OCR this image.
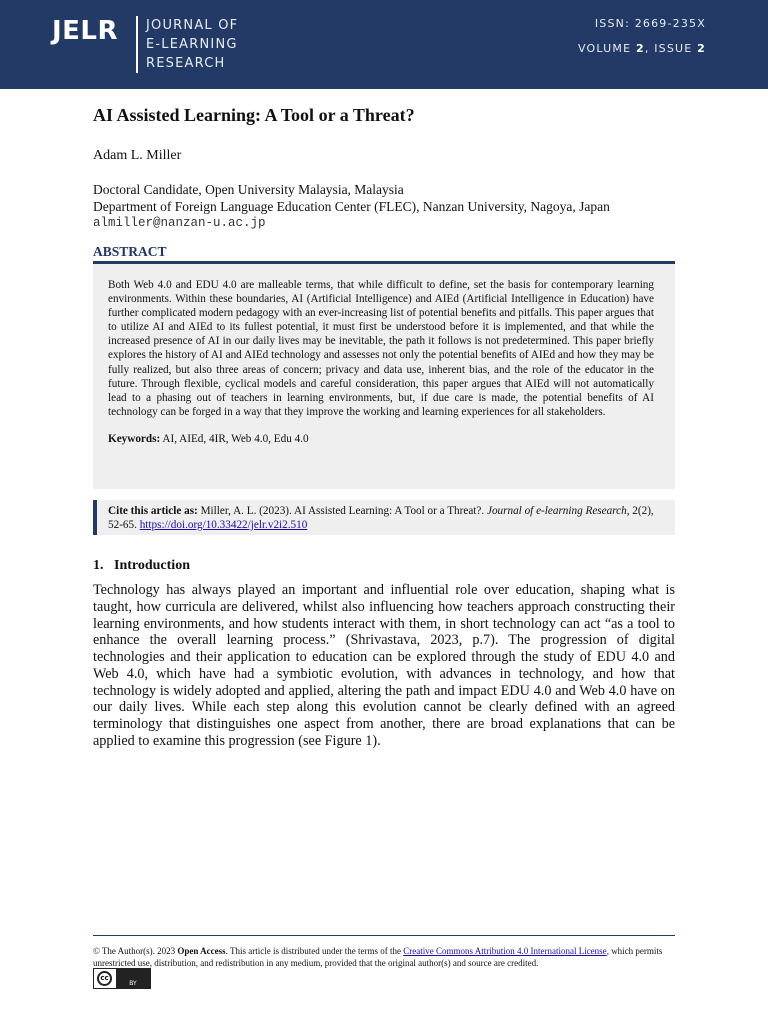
JELR JOURNAL OF
E-LEARNING
RESEARCH
ISSN: 2669-235X
VOLUME 2, ISSUE 2
AI Assisted Learning: A Tool or a Threat?
Adam L. Miller
Doctoral Candidate, Open University Malaysia, Malaysia
Department of Foreign Language Education Center (FLEC), Nanzan University, Nagoya, Japan
almiller@nanzan-u.ac.jp
ABSTRACT

Both Web 4.0 and EDU 4.0 are malleable terms, that while difficult to define, set the basis for contemporary learning environments. Within these boundaries, AI (Artificial Intelligence) and AIEd (Artificial Intelligence in Education) have further complicated modern pedagogy with an ever-increasing list of potential benefits and pitfalls. This paper argues that to utilize AI and AIEd to its fullest potential, it must first be understood before it is implemented, and that while the increased presence of AI in our daily lives may be inevitable, the path it follows is not predetermined. This paper briefly explores the history of AI and AIEd technology and assesses not only the potential benefits of AIEd and how they may be fully realized, but also three areas of concern; privacy and data use, inherent bias, and the role of the educator in the future. Through flexible, cyclical models and careful consideration, this paper argues that AIEd will not automatically lead to a phasing out of teachers in learning environments, but, if due care is made, the potential benefits of AI technology can be forged in a way that they improve the working and learning experiences for all stakeholders.

Keywords: AI, AIEd, 4IR, Web 4.0, Edu 4.0

Cite this article as: Miller, A. L. (2023). AI Assisted Learning: A Tool or a Threat?. Journal of e-learning Research, 2(2), 52-65. https://doi.org/10.33422/jelr.v2i2.510
1.   Introduction

Technology has always played an important and influential role over education, shaping what is taught, how curricula are delivered, whilst also influencing how teachers approach constructing their learning environments, and how students interact with them, in short technology can act “as a tool to enhance the overall learning process.” (Shrivastava, 2023, p.7). The progression of digital technologies and their application to education can be explored through the study of EDU 4.0 and Web 4.0, which have had a symbiotic evolution, with advances in technology, and how that technology is widely adopted and applied, altering the path and impact EDU 4.0 and Web 4.0 have on our daily lives. While each step along this evolution cannot be clearly defined with an agreed terminology that distinguishes one aspect from another, there are broad explanations that can be applied to examine this progression (see Figure 1).

© The Author(s). 2023 Open Access. This article is distributed under the terms of the Creative Commons Attribution 4.0 International License, which permits unrestricted use, distribution, and redistribution in any medium, provided that the original author(s) and source are credited.
cc
BY
